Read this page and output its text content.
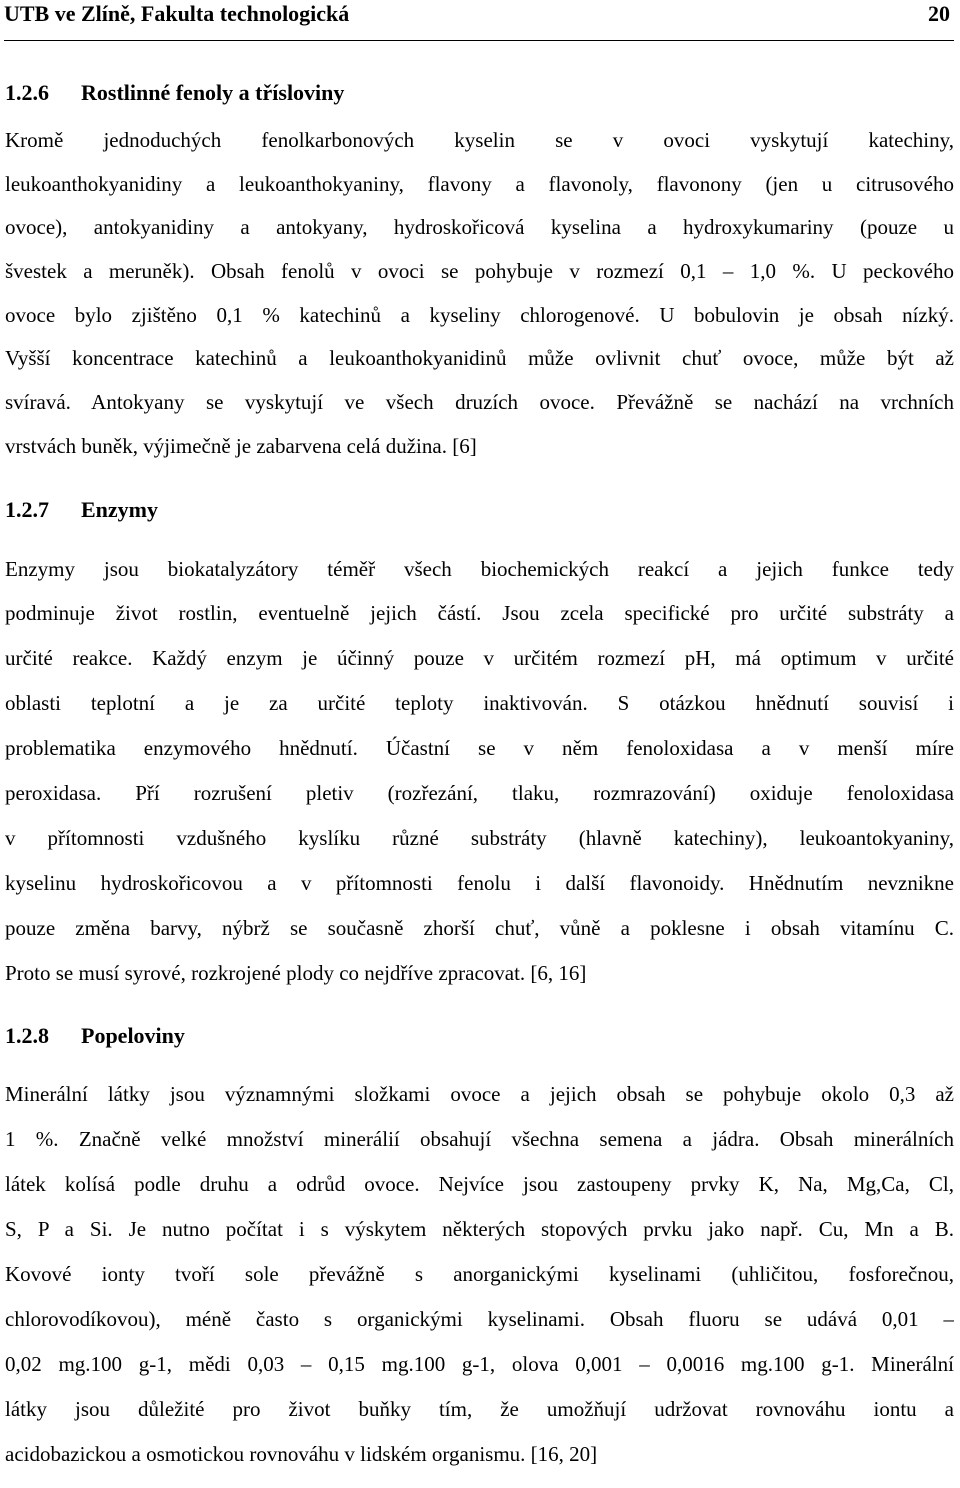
UTB ve Zlíně, Fakulta technologická	20
1.2.6 Rostlinné fenoly a třísloviny
Kromě jednoduchých fenolkarbonových kyselin se v ovoci vyskytují katechiny,
leukoanthokyanidiny a leukoanthokyaniny, flavony a flavonoly, flavonony (jen u citrusového
ovoce), antokyanidiny a antokyany, hydroskořicová kyselina a hydroxykumariny (pouze u
švestek a meruněk). Obsah fenolů v ovoci se pohybuje v rozmezí 0,1 – 1,0 %. U peckového
ovoce bylo zjištěno 0,1 % katechinů a kyseliny chlorogenové. U bobulovin je obsah nízký.
Vyšší koncentrace katechinů a leukoanthokyanidinů může ovlivnit chuť ovoce, může být až
svíravá. Antokyany se vyskytují ve všech druzích ovoce. Převážně se nachází na vrchních
vrstvách buněk, výjimečně je zabarvena celá dužina. [6]
1.2.7 Enzymy
Enzymy jsou biokatalyzátory téměř všech biochemických reakcí a jejich funkce tedy
podminuje život rostlin, eventuelně jejich částí. Jsou zcela specifické pro určité substráty a
určité reakce. Každý enzym je účinný pouze v určitém rozmezí pH, má optimum v určité
oblasti teplotní a je za určité teploty inaktivován. S otázkou hnědnutí souvisí i
problematika enzymového hnědnutí. Účastní se v něm fenoloxidasa a v menší míre
peroxidasa. Pří rozrušení pletiv (rozřezání, tlaku, rozmrazování) oxiduje fenoloxidasa
v přítomnosti vzdušného kyslíku různé substráty (hlavně katechiny), leukoantokyaniny,
kyselinu hydroskořicovou a v přítomnosti fenolu i další flavonoidy. Hnědnutím nevznikne
pouze změna barvy, nýbrž se současně zhorší chuť, vůně a poklesne i obsah vitamínu C.
Proto se musí syrové, rozkrojené plody co nejdříve zpracovat. [6, 16]
1.2.8 Popeloviny
Minerální látky jsou významnými složkami ovoce a jejich obsah se pohybuje okolo 0,3 až
1 %. Značně velké množství minerálií obsahují všechna semena a jádra. Obsah minerálních
látek kolísá podle druhu a odrůd ovoce. Nejvíce jsou zastoupeny prvky K, Na, Mg,Ca, Cl,
S, P a Si. Je nutno počítat i s výskytem některých stopových prvku jako např. Cu, Mn a B.
Kovové ionty tvoří sole převážně s anorganickými kyselinami (uhličitou, fosforečnou,
chlorovodíkovou), méně často s organickými kyselinami. Obsah fluoru se udává 0,01 –
0,02 mg.100 g-1, mědi 0,03 – 0,15 mg.100 g-1, olova 0,001 – 0,0016 mg.100 g-1. Minerální
látky jsou důležité pro život buňky tím, že umožňují udržovat rovnováhu iontu a
acidobazickou a osmotickou rovnováhu v lidském organismu. [16, 20]
